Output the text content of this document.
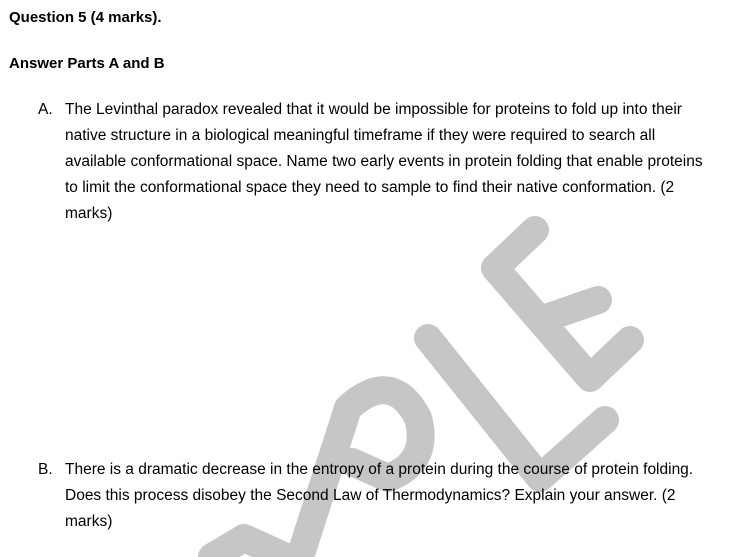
Question 5 (4 marks).
Answer Parts A and B
A. The Levinthal paradox revealed that it would be impossible for proteins to fold up into their native structure in a biological meaningful timeframe if they were required to search all available conformational space. Name two early events in protein folding that enable proteins to limit the conformational space they need to sample to find their native conformation. (2 marks)
B. There is a dramatic decrease in the entropy of a protein during the course of protein folding. Does this process disobey the Second Law of Thermodynamics? Explain your answer. (2 marks)
